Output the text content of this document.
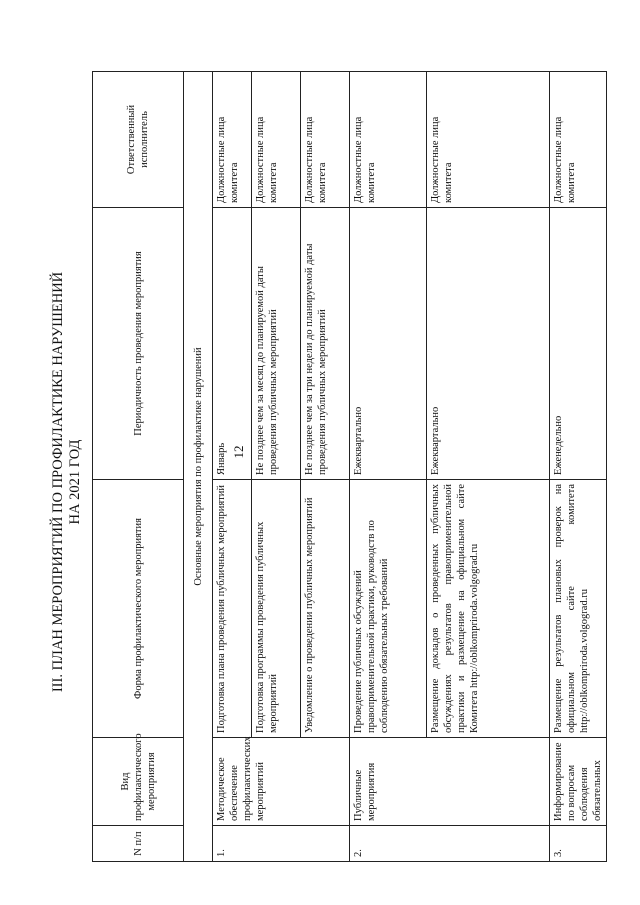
12
III. ПЛАН МЕРОПРИЯТИЙ ПО ПРОФИЛАКТИКЕ НАРУШЕНИЙ НА 2021 ГОД
N п/п	Вид профилактического мероприятия	Форма профилактического мероприятия	Периодичность проведения мероприятия	Ответственный исполнитель
Основные мероприятия по профилактике нарушений				
1.	Методическое обеспечение профилактических мероприятий	Подготовка плана проведения публичных мероприятий	Январь	Должностные лица комитета
		Подготовка программы проведения публичных мероприятий	Не позднее чем за месяц до планируемой даты проведения публичных мероприятий	Должностные лица комитета
		Уведомление о проведении публичных мероприятий	Не позднее чем за три недели до планируемой даты проведения публичных мероприятий	Должностные лица комитета
2.	Публичные мероприятия	Проведение публичных обсуждений правоприменительной практики, руководств по соблюдению обязательных требований	Ежеквартально	Должностные лица комитета
		Размещение докладов о проведенных публичных обсуждениях результатов правоприменительной практики и размещение на официальном сайте Комитета http://oblkompriroda.volgograd.ru	Ежеквартально	Должностные лица комитета
3.	Информирование по вопросам соблюдения обязательных	Размещение результатов плановых проверок на официальном сайте комитета http://oblkompriroda.volgograd.ru	Еженедельно	Должностные лица комитета
